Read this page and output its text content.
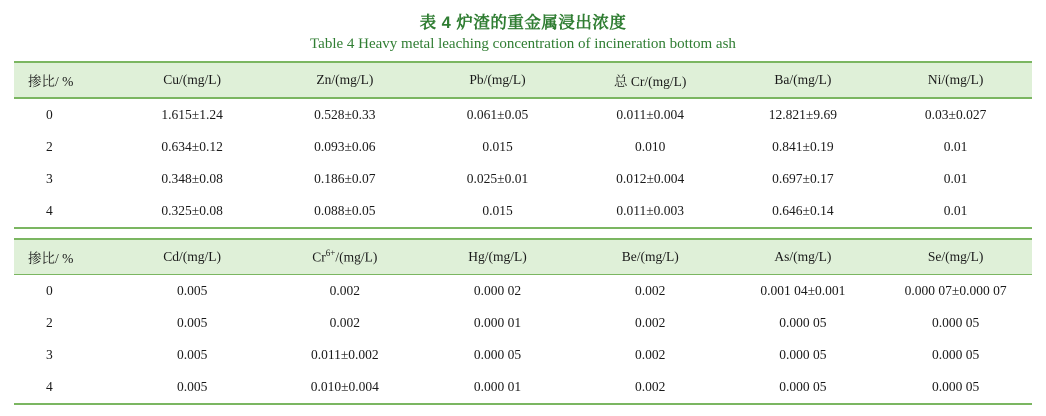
表 4 炉渣的重金属浸出浓度
Table 4 Heavy metal leaching concentration of incineration bottom ash
掺比/ %	Cu/(mg/L)	Zn/(mg/L)	Pb/(mg/L)	总 Cr/(mg/L)	Ba/(mg/L)	Ni/(mg/L)
0	1.615±1.24	0.528±0.33	0.061±0.05	0.011±0.004	12.821±9.69	0.03±0.027
2	0.634±0.12	0.093±0.06	0.015	0.010	0.841±0.19	0.01
3	0.348±0.08	0.186±0.07	0.025±0.01	0.012±0.004	0.697±0.17	0.01
4	0.325±0.08	0.088±0.05	0.015	0.011±0.003	0.646±0.14	0.01
掺比/ %	Cd/(mg/L)	$Cr^{6+}/(mg/L)$	Hg/(mg/L)	Be/(mg/L)	As/(mg/L)	Se/(mg/L)
0	0.005	0.002	0.000 02	0.002	0.001 04±0.001	0.000 07±0.000 07
2	0.005	0.002	0.000 01	0.002	0.000 05	0.000 05
3	0.005	0.011±0.002	0.000 05	0.002	0.000 05	0.000 05
4	0.005	0.010±0.004	0.000 01	0.002	0.000 05	0.000 05
